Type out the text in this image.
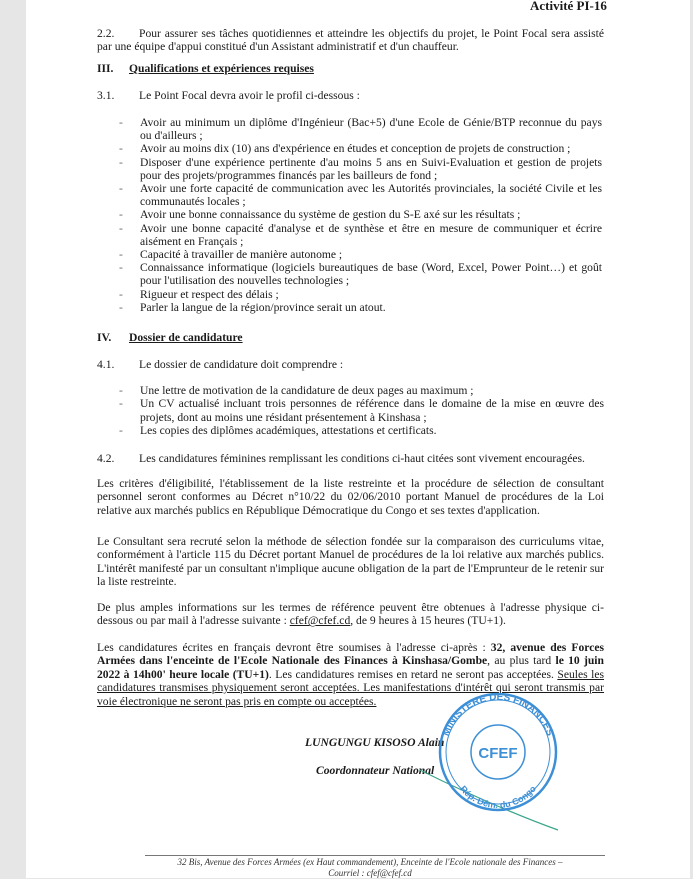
Activité PI-16
2.2. Pour assurer ses tâches quotidiennes et atteindre les objectifs du projet, le Point Focal sera assisté par une équipe d'appui constitué d'un Assistant administratif et d'un chauffeur.
III. Qualifications et expériences requises
3.1. Le Point Focal devra avoir le profil ci-dessous :
- Avoir au minimum un diplôme d'Ingénieur (Bac+5) d'une Ecole de Génie/BTP reconnue du pays ou d'ailleurs ;
- Avoir au moins dix (10) ans d'expérience en études et conception de projets de construction ;
- Disposer d'une expérience pertinente d'au moins 5 ans en Suivi-Evaluation et gestion de projets pour des projets/programmes financés par les bailleurs de fond ;
- Avoir une forte capacité de communication avec les Autorités provinciales, la société Civile et les communautés locales ;
- Avoir une bonne connaissance du système de gestion du S-E axé sur les résultats ;
- Avoir une bonne capacité d'analyse et de synthèse et être en mesure de communiquer et écrire aisément en Français ;
- Capacité à travailler de manière autonome ;
- Connaissance informatique (logiciels bureautiques de base (Word, Excel, Power Point…) et goût pour l'utilisation des nouvelles technologies ;
- Rigueur et respect des délais ;
- Parler la langue de la région/province serait un atout.
IV. Dossier de candidature
4.1. Le dossier de candidature doit comprendre :
- Une lettre de motivation de la candidature de deux pages au maximum ;
- Un CV actualisé incluant trois personnes de référence dans le domaine de la mise en œuvre des projets, dont au moins une résidant présentement à Kinshasa ;
- Les copies des diplômes académiques, attestations et certificats.
4.2. Les candidatures féminines remplissant les conditions ci-haut citées sont vivement encouragées.
Les critères d'éligibilité, l'établissement de la liste restreinte et la procédure de sélection de consultant personnel seront conformes au Décret n°10/22 du 02/06/2010 portant Manuel de procédures de la Loi relative aux marchés publics en République Démocratique du Congo et ses textes d'application.
Le Consultant sera recruté selon la méthode de sélection fondée sur la comparaison des curriculums vitae, conformément à l'article 115 du Décret portant Manuel de procédures de la loi relative aux marchés publics. L'intérêt manifesté par un consultant n'implique aucune obligation de la part de l'Emprunteur de le retenir sur la liste restreinte.
De plus amples informations sur les termes de référence peuvent être obtenues à l'adresse physique ci-dessous ou par mail à l'adresse suivante : cfef@cfef.cd, de 9 heures à 15 heures (TU+1).
Les candidatures écrites en français devront être soumises à l'adresse ci-après : 32, avenue des Forces Armées dans l'enceinte de l'Ecole Nationale des Finances à Kinshasa/Gombe, au plus tard le 10 juin 2022 à 14h00' heure locale (TU+1). Les candidatures remises en retard ne seront pas acceptées. Seules les candidatures transmises physiquement seront acceptées. Les manifestations d'intérêt qui seront transmis par voie électronique ne seront pas pris en compte ou acceptées.
LUNGUNGU KISOSO Alain
Coordonnateur National
CFEF
MINISTERE DES FINANCES
Rép. Dém. du Congo
32 Bis, Avenue des Forces Armées (ex Haut commandement), Enceinte de l'Ecole nationale des Finances –
Courriel : cfef@cfef.cd
